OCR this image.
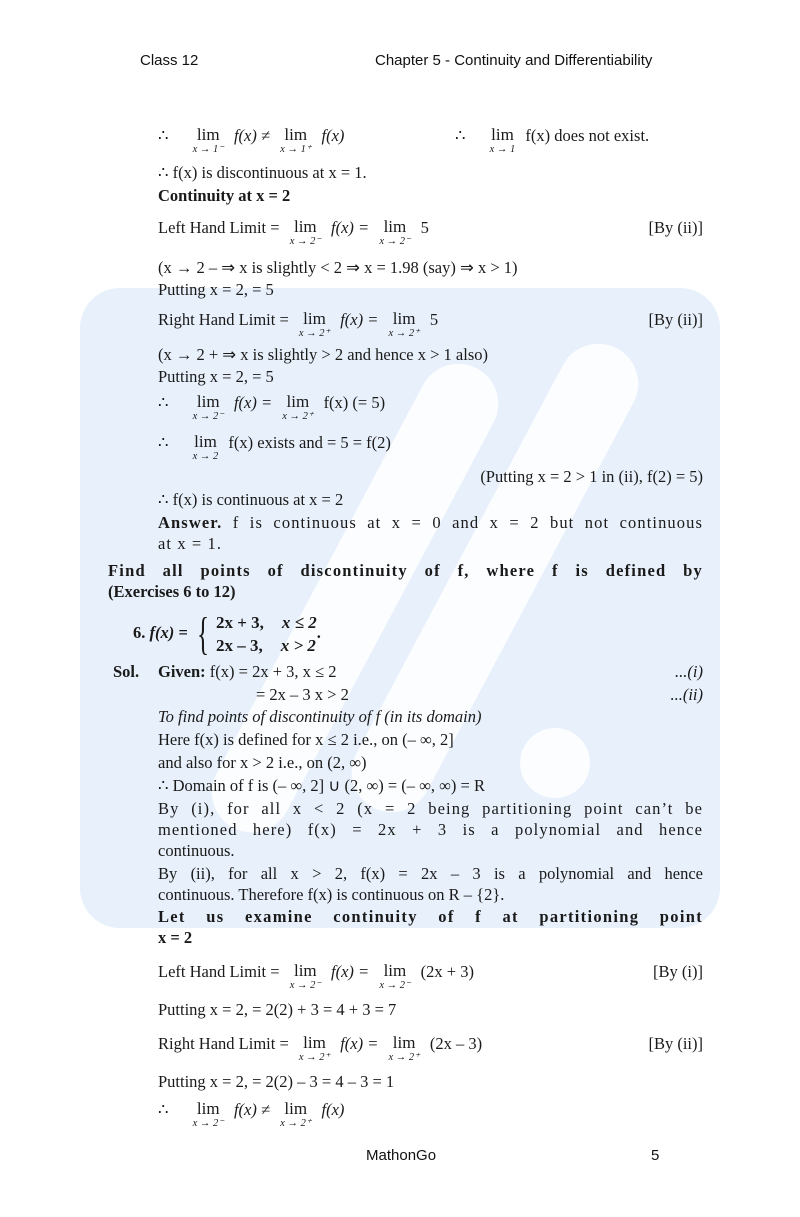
Class 12	Chapter 5 - Continuity and Differentiability
∴ lim
x → 1⁻
f(x) ≠ lim
x → 1⁺
f(x)	∴ lim
x → 1
f(x) does not exist.
∴ f(x) is discontinuous at x = 1.
Continuity at x = 2
Left Hand Limit = lim
x → 2⁻
f(x) = lim
x → 2⁻
5	[By (ii)]
(x → 2 – ⇒ x is slightly < 2 ⇒ x = 1.98 (say) ⇒ x > 1)
Putting x = 2, = 5
Right Hand Limit = lim
x → 2⁺
f(x) = lim
x → 2⁺
5	[By (ii)]
(x → 2 + ⇒ x is slightly > 2 and hence x > 1 also)
Putting x = 2, = 5
∴ lim
x → 2⁻
f(x) = lim
x → 2⁺
f(x) (= 5)
∴ lim
x → 2
f(x) exists and = 5 = f(2)
(Putting x = 2 > 1 in (ii), f(2) = 5)
∴ f(x) is continuous at x = 2
Answer. f is continuous at x = 0 and x = 2 but not continuous
at x = 1.
Find all points of discontinuity of f, where f is defined by
(Exercises 6 to 12)
6. f(x) = { 2x + 3, x ≤ 2
2x – 3, x > 2
.
Sol. Given: f(x) = 2x + 3, x ≤ 2	...(i)
= 2x – 3 x > 2	...(ii)
To find points of discontinuity of f (in its domain)
Here f(x) is defined for x ≤ 2 i.e., on (– ∞, 2]
and also for x > 2 i.e., on (2, ∞)
∴ Domain of f is (– ∞, 2] ∪ (2, ∞) = (– ∞, ∞) = R
By (i), for all x < 2 (x = 2 being partitioning point can’t be
mentioned here) f(x) = 2x + 3 is a polynomial and hence
continuous.
By (ii), for all x > 2, f(x) = 2x – 3 is a polynomial and hence
continuous. Therefore f(x) is continuous on R – {2}.
Let us examine continuity of f at partitioning point
x = 2
Left Hand Limit = lim
x → 2⁻
f(x) = lim
x → 2⁻
(2x + 3)	[By (i)]
Putting x = 2, = 2(2) + 3 = 4 + 3 = 7
Right Hand Limit = lim
x → 2⁺
f(x) = lim
x → 2⁺
(2x – 3)	[By (ii)]
Putting x = 2, = 2(2) – 3 = 4 – 3 = 1
∴ lim
x → 2⁻
f(x) ≠ lim
x → 2⁺
f(x)
MathonGo	5
